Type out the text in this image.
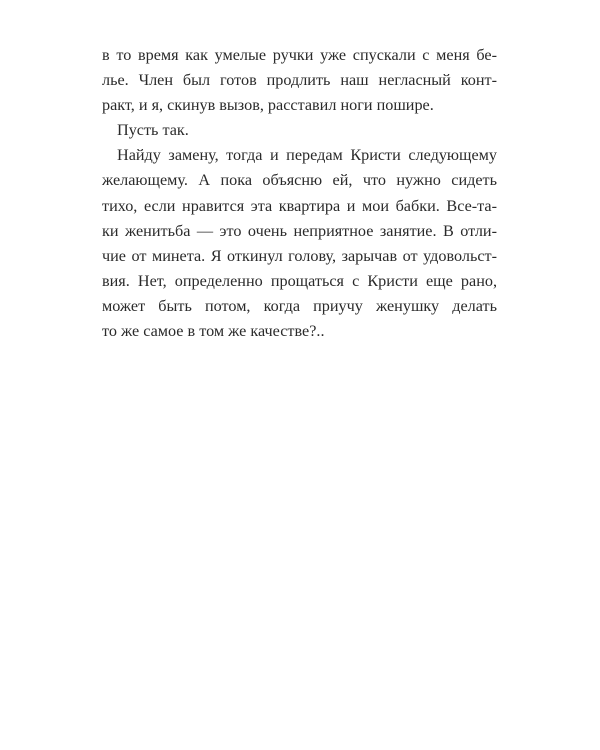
в то время как умелые ручки уже спускали с меня бе-
лье. Член был готов продлить наш негласный конт-
ракт, и я, скинув вызов, расставил ноги пошире.
Пусть так.
Найду замену, тогда и передам Кристи следующему
желающему. А пока объясню ей, что нужно сидеть
тихо, если нравится эта квартира и мои бабки. Все-та-
ки женитьба — это очень неприятное занятие. В отли-
чие от минета. Я откинул голову, зарычав от удовольст-
вия. Нет, определенно прощаться с Кристи еще рано,
может быть потом, когда приучу женушку делать
то же самое в том же качестве?..
